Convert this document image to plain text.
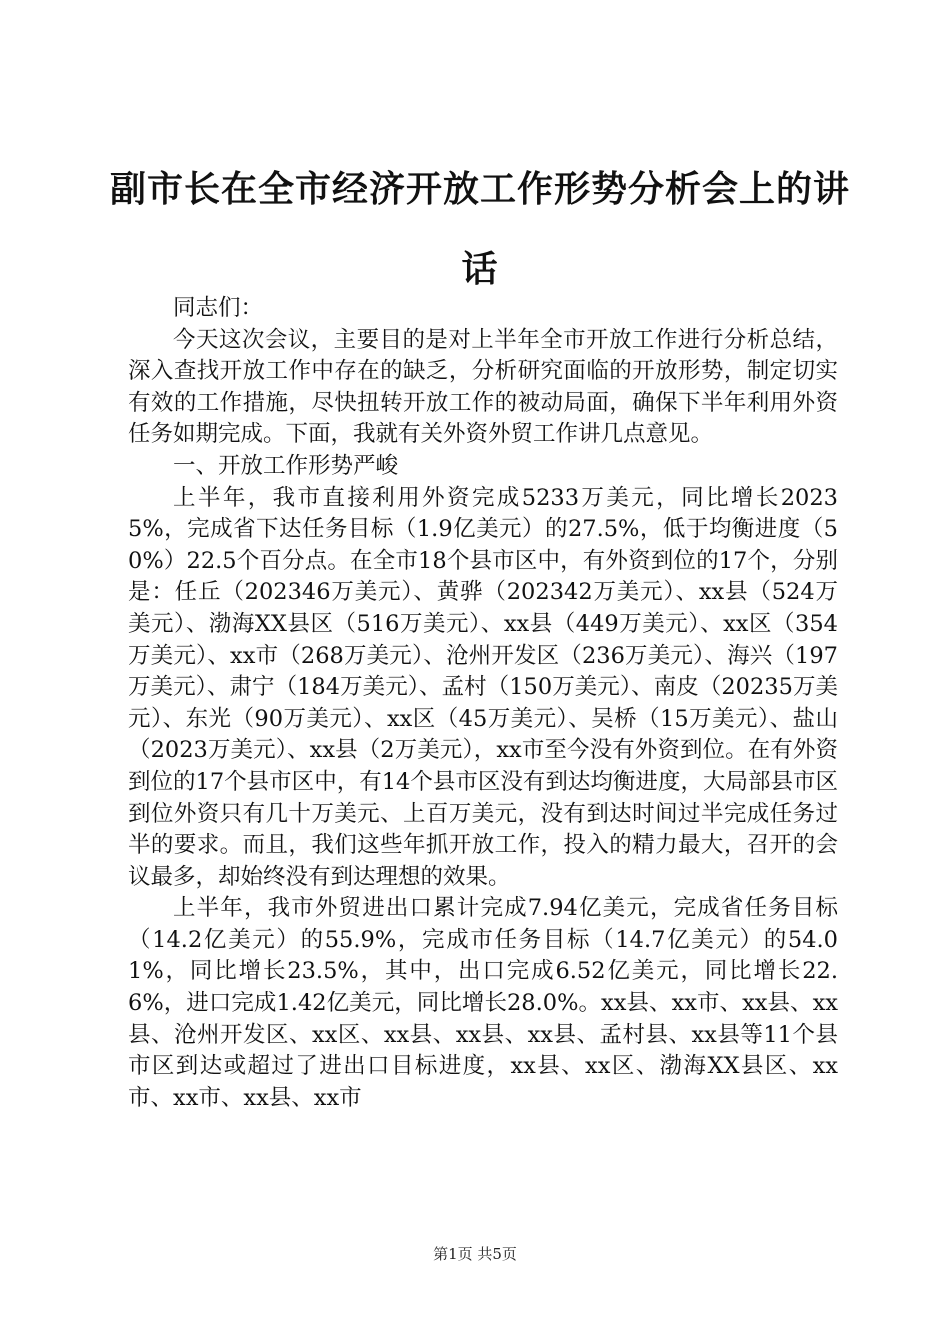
副市长在全市经济开放工作形势分析会上的讲话

同志们：

今天这次会议，主要目的是对上半年全市开放工作进行分析总结，深入查找开放工作中存在的缺乏，分析研究面临的开放形势，制定切实有效的工作措施，尽快扭转开放工作的被动局面，确保下半年利用外资任务如期完成。下面，我就有关外资外贸工作讲几点意见。

一、开放工作形势严峻

上半年，我市直接利用外资完成5233万美元，同比增长20235%，完成省下达任务目标（1.9亿美元）的27.5%，低于均衡进度（50%）22.5个百分点。在全市18个县市区中，有外资到位的17个，分别是：任丘（202346万美元）、黄骅（202342万美元）、xx县（524万美元）、渤海XX县区（516万美元）、xx县（449万美元）、xx区（354万美元）、xx市（268万美元）、沧州开发区（236万美元）、海兴（197万美元）、肃宁（184万美元）、孟村（150万美元）、南皮（20235万美元）、东光（90万美元）、xx区（45万美元）、吴桥（15万美元）、盐山（2023万美元）、xx县（2万美元），xx市至今没有外资到位。在有外资到位的17个县市区中，有14个县市区没有到达均衡进度，大局部县市区到位外资只有几十万美元、上百万美元，没有到达时间过半完成任务过半的要求。而且，我们这些年抓开放工作，投入的精力最大，召开的会议最多，却始终没有到达理想的效果。

上半年，我市外贸进出口累计完成7.94亿美元，完成省任务目标（14.2亿美元）的55.9%，完成市任务目标（14.7亿美元）的54.01%，同比增长23.5%，其中，出口完成6.52亿美元，同比增长22.6%，进口完成1.42亿美元，同比增长28.0%。xx县、xx市、xx县、xx县、沧州开发区、xx区、xx县、xx县、xx县、孟村县、xx县等11个县市区到达或超过了进出口目标进度，xx县、xx区、渤海XX县区、xx市、xx市、xx县、xx市

第1页 共5页
